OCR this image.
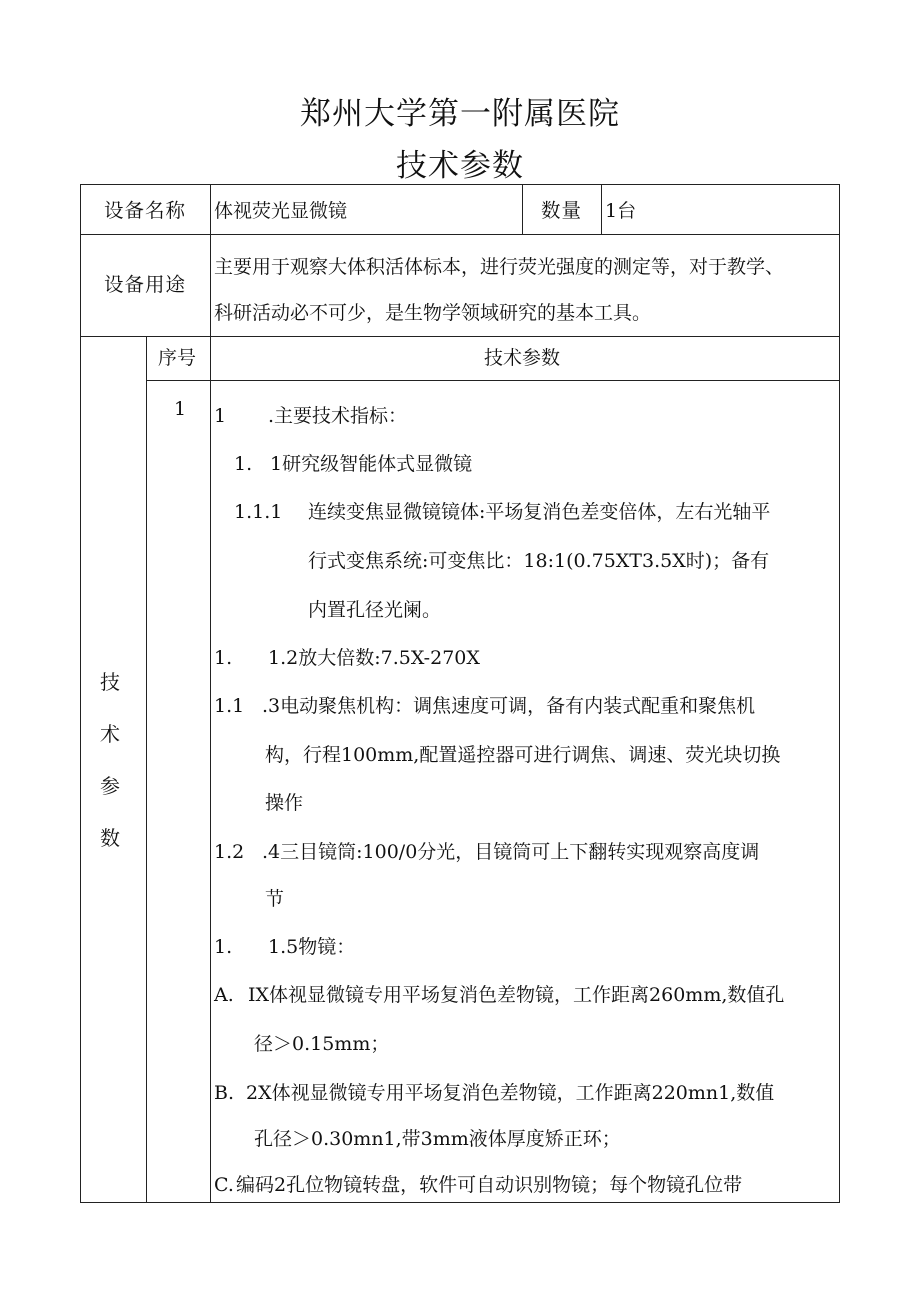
郑州大学第一附属医院
技术参数
设备名称 体视荧光显微镜	数量 1台
设备用途
主要用于观察大体积活体标本，进行荧光强度的测定等，对于教学、
科研活动必不可少，是生物学领域研究的基本工具。
序号	技术参数
技
术
参
数
1 1 .主要技术指标：
1. 1研究级智能体式显微镜
1.1.1 连续变焦显微镜镜体:平场复消色差变倍体，左右光轴平
行式变焦系统:可变焦比：18:1(0.75XT3.5X时)；备有
内置孔径光阑。
1. 1.2放大倍数:7.5X-270X
1.1 .3电动聚焦机构：调焦速度可调，备有内装式配重和聚焦机
构，行程100mm,配置遥控器可进行调焦、调速、荧光块切换
操作
1.2 .4三目镜筒:100/0分光，目镜筒可上下翻转实现观察高度调
节
1. 1.5物镜：
A. IX体视显微镜专用平场复消色差物镜，工作距离260mm,数值孔
径＞0.15mm；
B. 2X体视显微镜专用平场复消色差物镜，工作距离220mn1,数值
孔径＞0.30mn1,带3mm液体厚度矫正环；
C. 编码2孔位物镜转盘，软件可自动识别物镜；每个物镜孔位带
